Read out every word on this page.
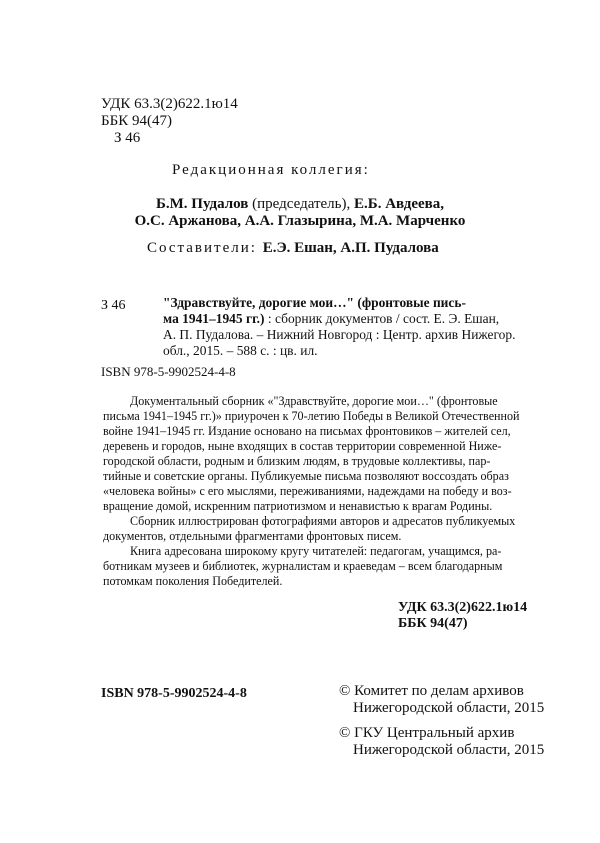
УДК 63.3(2)622.1ю14
ББК 94(47)
З 46
Редакционная коллегия:
Б.М. Пудалов (председатель), Е.Б. Авдеева,
О.С. Аржанова, А.А. Глазырина, М.А. Марченко
Составители: Е.Э. Ешан, А.П. Пудалова
З 46	"Здравствуйте, дорогие мои…" (фронтовые пись-
ма 1941–1945 гг.) : сборник документов / сост. Е. Э. Ешан,
А. П. Пудалова. – Нижний Новгород : Центр. архив Нижегор.
обл., 2015. – 588 с. : цв. ил.
ISBN 978-5-9902524-4-8
Документальный сборник «"Здравствуйте, дорогие мои…" (фронтовые
письма 1941–1945 гг.)» приурочен к 70-летию Победы в Великой Отечественной
войне 1941–1945 гг. Издание основано на письмах фронтовиков – жителей сел,
деревень и городов, ныне входящих в состав территории современной Ниже-
городской области, родным и близким людям, в трудовые коллективы, пар-
тийные и советские органы. Публикуемые письма позволяют воссоздать образ
«человека войны» с его мыслями, переживаниями, надеждами на победу и воз-
вращение домой, искренним патриотизмом и ненавистью к врагам Родины.
Сборник иллюстрирован фотографиями авторов и адресатов публикуемых
документов, отдельными фрагментами фронтовых писем.
Книга адресована широкому кругу читателей: педагогам, учащимся, ра-
ботникам музеев и библиотек, журналистам и краеведам – всем благодарным
потомкам поколения Победителей.
УДК 63.3(2)622.1ю14
ББК 94(47)
ISBN 978-5-9902524-4-8	© Комитет по делам архивов
Нижегородской области, 2015
© ГКУ Центральный архив
Нижегородской области, 2015
